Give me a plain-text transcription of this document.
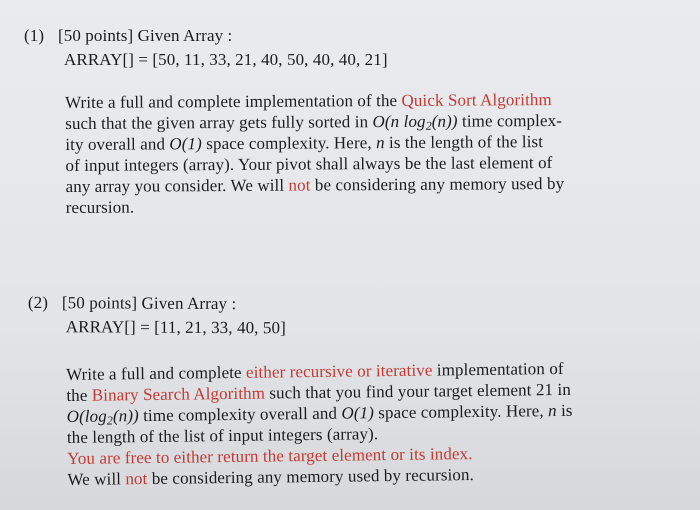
(1) [50 points] Given Array :
ARRAY[] = [50, 11, 33, 21, 40, 50, 40, 40, 21]
Write a full and complete implementation of the Quick Sort Algorithm
such that the given array gets fully sorted in O(n $\log_2(n)$) time complex-
ity overall and O(1) space complexity. Here, n is the length of the list
of input integers (array). Your pivot shall always be the last element of
any array you consider. We will not be considering any memory used by
recursion.
(2) [50 points] Given Array :
ARRAY[] = [11, 21, 33, 40, 50]
Write a full and complete either recursive or iterative implementation of
the Binary Search Algorithm such that you find your target element 21 in
$O(\log_2(n))$ time complexity overall and O(1) space complexity. Here, n is
the length of the list of input integers (array).
You are free to either return the target element or its index.
We will not be considering any memory used by recursion.
